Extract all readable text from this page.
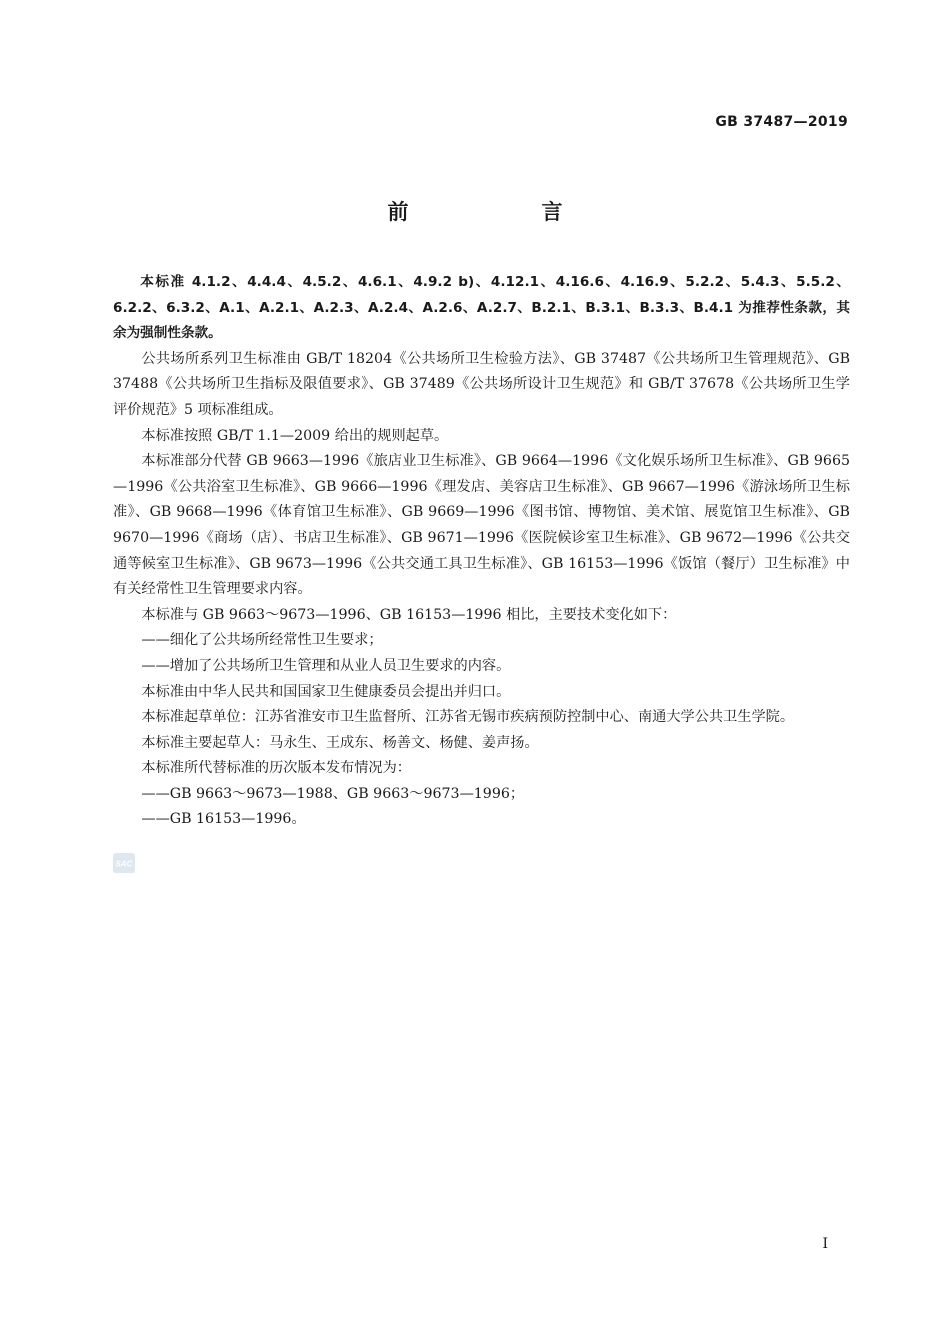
GB 37487—2019
前　言

本标准 4.1.2、4.4.4、4.5.2、4.6.1、4.9.2 b)、4.12.1、4.16.6、4.16.9、5.2.2、5.4.3、5.5.2、6.2.2、6.3.2、A.1、A.2.1、A.2.3、A.2.4、A.2.6、A.2.7、B.2.1、B.3.1、B.3.3、B.4.1 为推荐性条款，其余为强制性条款。

公共场所系列卫生标准由 GB/T 18204《公共场所卫生检验方法》、GB 37487《公共场所卫生管理规范》、GB 37488《公共场所卫生指标及限值要求》、GB 37489《公共场所设计卫生规范》和 GB/T 37678《公共场所卫生学评价规范》5 项标准组成。

本标准按照 GB/T 1.1—2009 给出的规则起草。

本标准部分代替 GB 9663—1996《旅店业卫生标准》、GB 9664—1996《文化娱乐场所卫生标准》、GB 9665—1996《公共浴室卫生标准》、GB 9666—1996《理发店、美容店卫生标准》、GB 9667—1996《游泳场所卫生标准》、GB 9668—1996《体育馆卫生标准》、GB 9669—1996《图书馆、博物馆、美术馆、展览馆卫生标准》、GB 9670—1996《商场（店）、书店卫生标准》、GB 9671—1996《医院候诊室卫生标准》、GB 9672—1996《公共交通等候室卫生标准》、GB 9673—1996《公共交通工具卫生标准》、GB 16153—1996《饭馆（餐厅）卫生标准》中有关经常性卫生管理要求内容。

本标准与 GB 9663～9673—1996、GB 16153—1996 相比，主要技术变化如下：

——细化了公共场所经常性卫生要求；

——增加了公共场所卫生管理和从业人员卫生要求的内容。

本标准由中华人民共和国国家卫生健康委员会提出并归口。

本标准起草单位：江苏省淮安市卫生监督所、江苏省无锡市疾病预防控制中心、南通大学公共卫生学院。

本标准主要起草人：马永生、王成东、杨善文、杨健、姜声扬。

本标准所代替标准的历次版本发布情况为：

——GB 9663～9673—1988、GB 9663～9673—1996；

——GB 16153—1996。

SAC
I
